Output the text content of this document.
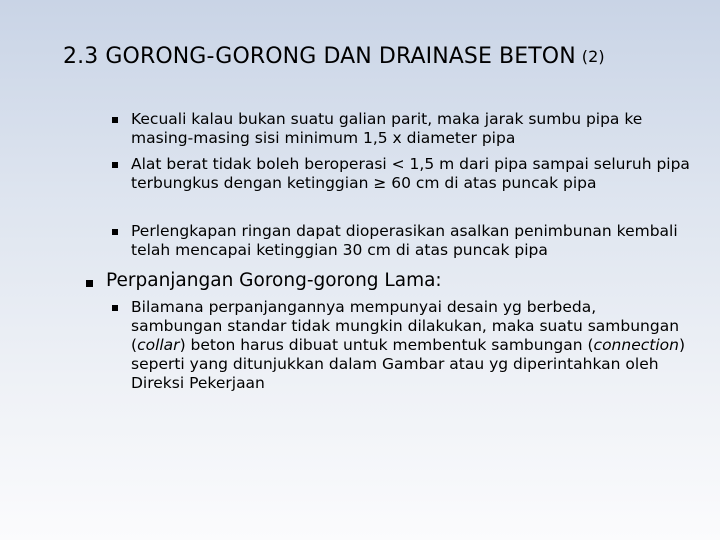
2.3 GORONG-GORONG DAN DRAINASE BETON (2)
Kecuali kalau bukan suatu galian parit, maka jarak sumbu pipa ke masing-masing sisi minimum 1,5 x diameter pipa
Alat berat tidak boleh beroperasi < 1,5 m dari pipa sampai seluruh pipa terbungkus dengan ketinggian ≥ 60 cm di atas puncak pipa
Perlengkapan ringan dapat dioperasikan asalkan penimbunan kembali telah mencapai ketinggian 30 cm di atas puncak pipa
Perpanjangan Gorong-gorong Lama:
Bilamana perpanjangannya mempunyai desain yg berbeda, sambungan standar tidak mungkin dilakukan, maka suatu sambungan (collar) beton harus dibuat untuk membentuk sambungan (connection) seperti yang ditunjukkan dalam Gambar atau yg diperintahkan oleh Direksi Pekerjaan
